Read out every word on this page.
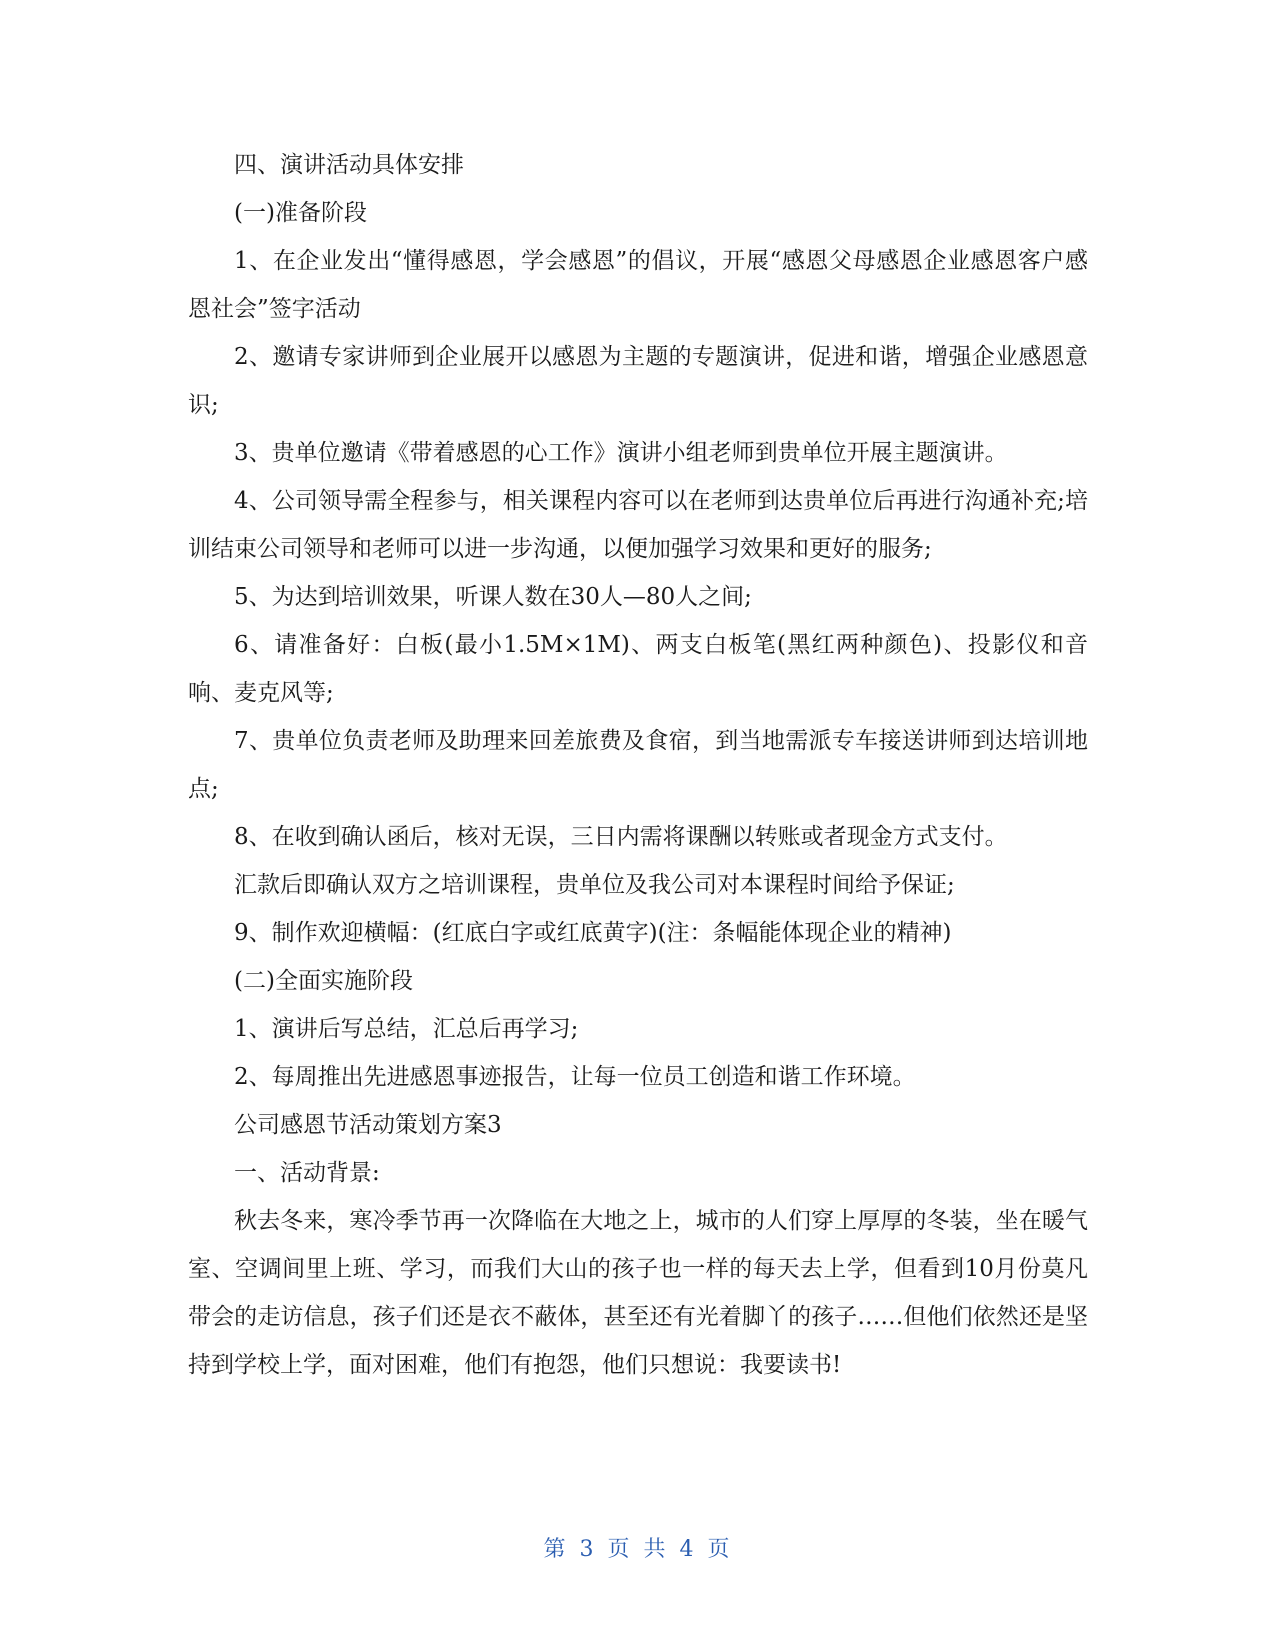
四、演讲活动具体安排

(一)准备阶段

1、在企业发出“懂得感恩，学会感恩”的倡议，开展“感恩父母感恩企业感恩客户感恩社会”签字活动

2、邀请专家讲师到企业展开以感恩为主题的专题演讲，促进和谐，增强企业感恩意识;

3、贵单位邀请《带着感恩的心工作》演讲小组老师到贵单位开展主题演讲。

4、公司领导需全程参与，相关课程内容可以在老师到达贵单位后再进行沟通补充;培训结束公司领导和老师可以进一步沟通，以便加强学习效果和更好的服务;

5、为达到培训效果，听课人数在30人—80人之间;

6、请准备好：白板(最小1.5M×1M)、两支白板笔(黑红两种颜色)、投影仪和音响、麦克风等;

7、贵单位负责老师及助理来回差旅费及食宿，到当地需派专车接送讲师到达培训地点;

8、在收到确认函后，核对无误，三日内需将课酬以转账或者现金方式支付。

汇款后即确认双方之培训课程，贵单位及我公司对本课程时间给予保证;

9、制作欢迎横幅：(红底白字或红底黄字)(注：条幅能体现企业的精神)

(二)全面实施阶段

1、演讲后写总结，汇总后再学习;

2、每周推出先进感恩事迹报告，让每一位员工创造和谐工作环境。

公司感恩节活动策划方案3

一、活动背景:

秋去冬来，寒冷季节再一次降临在大地之上，城市的人们穿上厚厚的冬装，坐在暖气室、空调间里上班、学习，而我们大山的孩子也一样的每天去上学，但看到10月份莫凡带会的走访信息，孩子们还是衣不蔽体，甚至还有光着脚丫的孩子……但他们依然还是坚持到学校上学，面对困难，他们有抱怨，他们只想说：我要读书!

第 3 页 共 4 页
